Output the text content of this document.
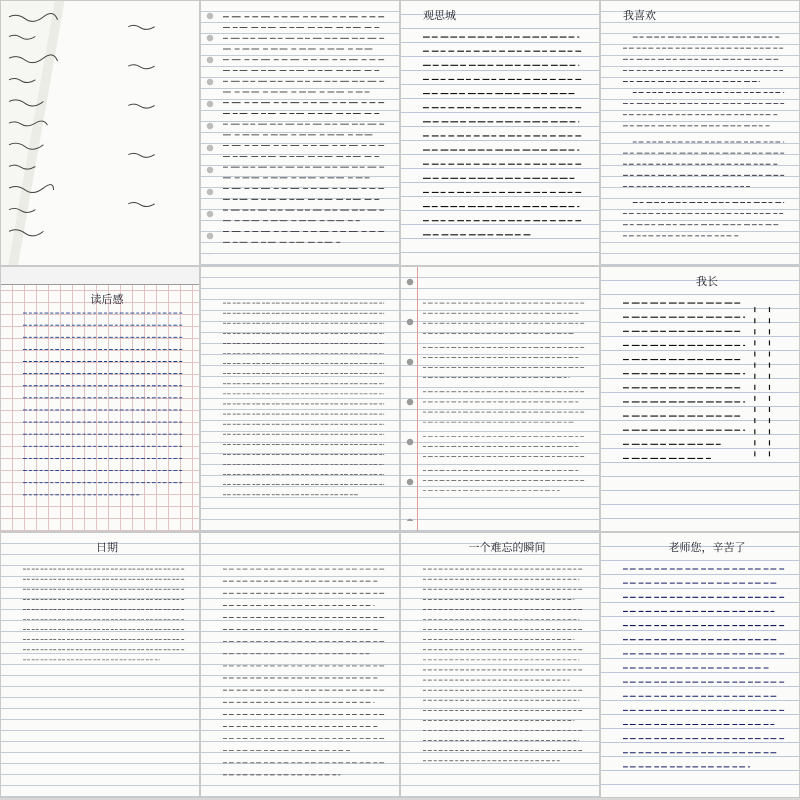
观思城	我喜欢
读后感
我长
日期	一个难忘的瞬间	老师您，辛苦了
